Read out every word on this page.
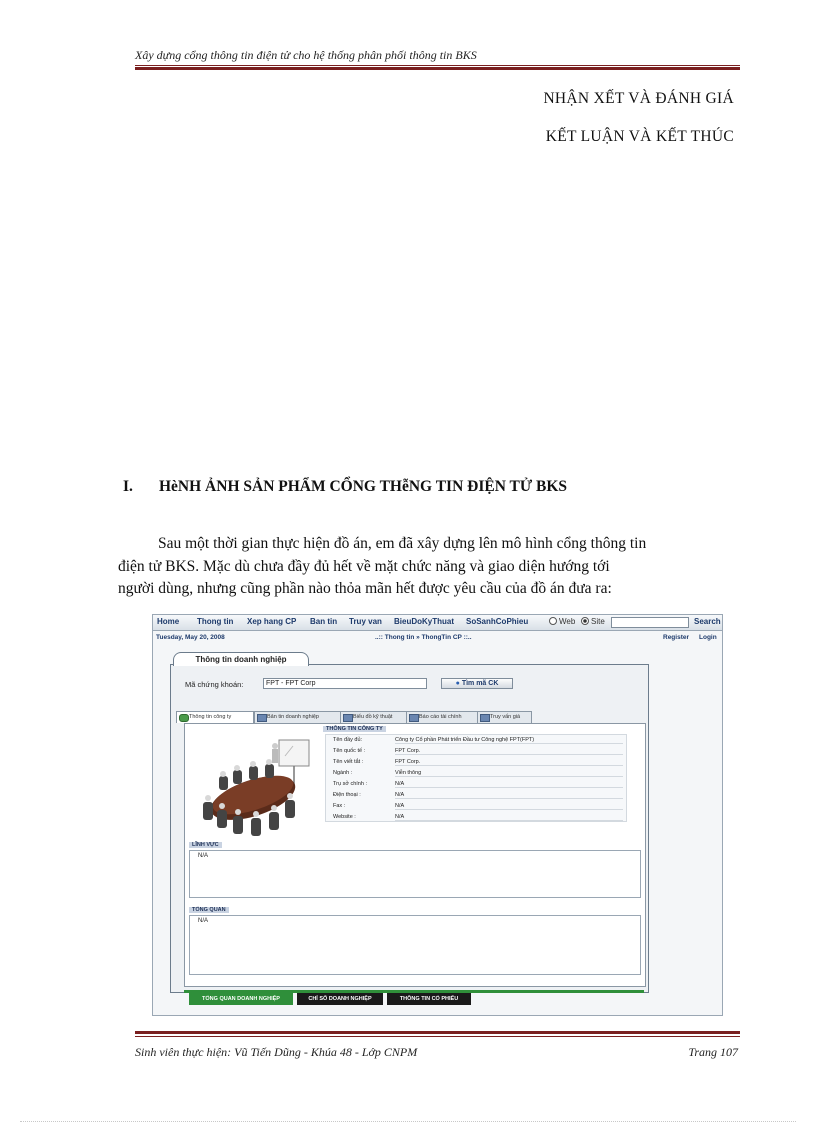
Xây dựng cổng thông tin điện tử cho hệ thống phân phối thông tin BKS
NHẬN XẾT VÀ ĐÁNH GIÁ
KẾT LUẬN VÀ KẾT THÚC
I. HèNH ẢNH SẢN PHẨM CỔNG THễNG TIN ĐIỆN TỬ BKS

Sau một thời gian thực hiện đồ án, em đã xây dựng lên mô hình cổng thông tin

điện tử BKS. Mặc dù chưa đầy đủ hết về mặt chức năng và giao diện hướng tới

người dùng, nhưng cũng phần nào thỏa mãn hết được yêu cầu của đồ án đưa ra:

Home Thong tin Xep hang CP Ban tin Truy van BieuDoKyThuat SoSanhCoPhieu	Web	Site	Search
Tuesday, May 20, 2008	..:: Thong tin » ThongTin CP ::..	Register Login
Thông tin doanh nghiệp
Mã chứng khoán:	FPT - FPT Corp	● Tìm mã CK
Thông tin công ty	Bản tin doanh nghiệp	Biểu đồ kỹ thuật	Báo cáo tài chính	Truy vấn giá
THÔNG TIN CÔNG TY
Tên đầy đủ:	Công ty Cổ phần Phát triển Đầu tư Công nghệ FPT(FPT)
Tên quốc tế :	FPT Corp.
Tên viết tắt :	FPT Corp.
Ngành :	Viễn thông
Trụ sở chính :	N/A
Điện thoại :	N/A
Fax :	N/A
Website :	N/A
LĨNH VỰC
N/A
TỔNG QUAN
N/A
TỔNG QUAN DOANH NGHIỆP	CHỈ SỐ DOANH NGHIỆP	THÔNG TIN CỔ PHIẾU
Sinh viên thực hiện: Vũ Tiến Dũng - Khúa 48 - Lớp CNPM	Trang 107
